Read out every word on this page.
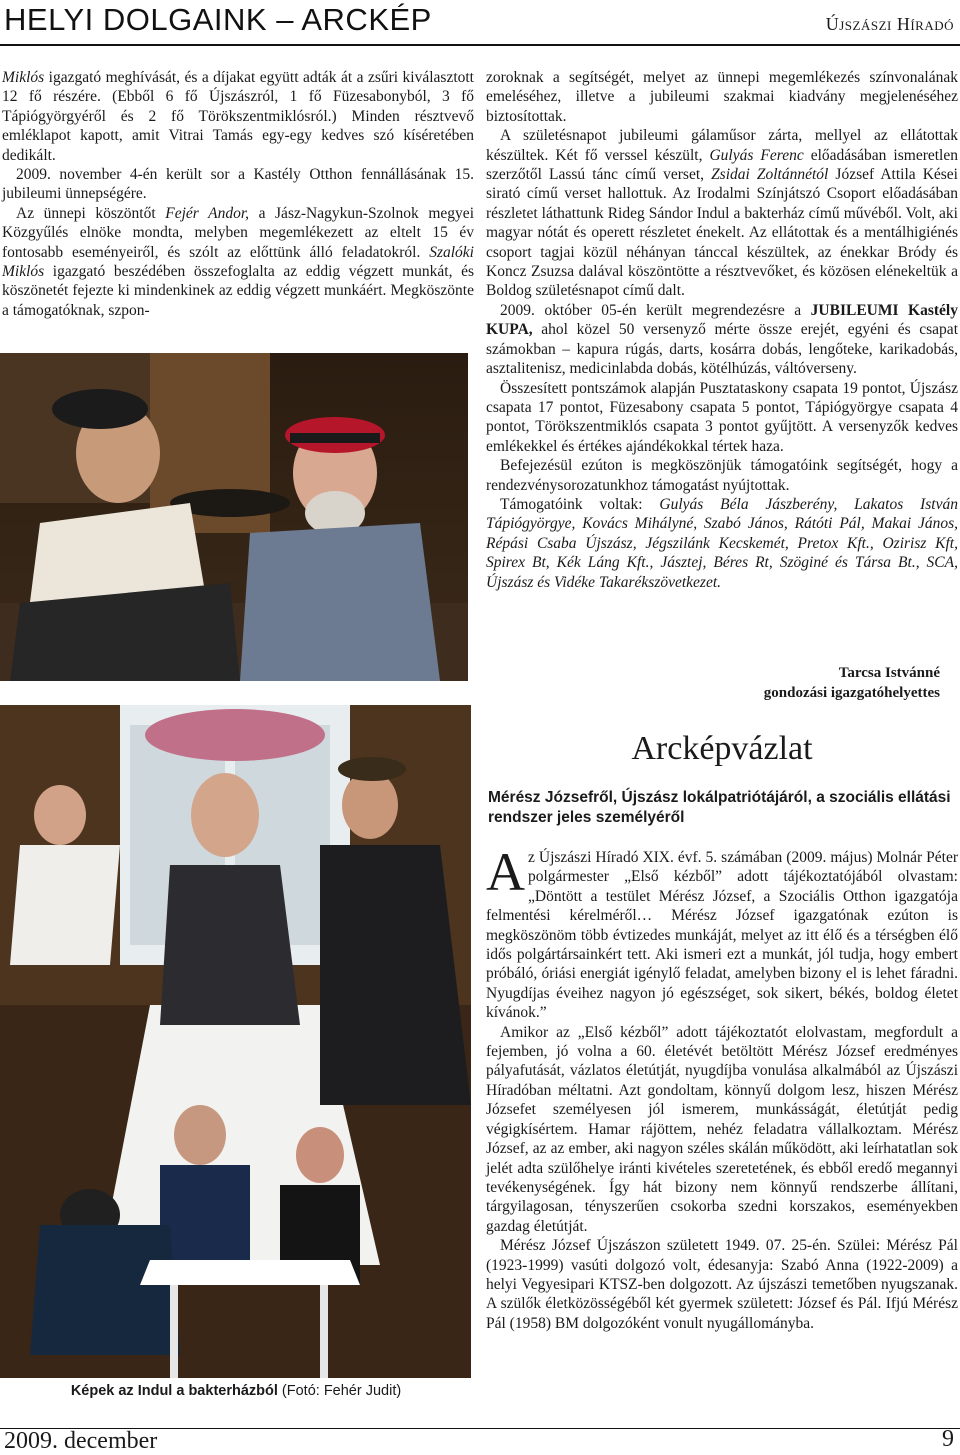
HELYI DOLGAINK – ARCKÉP	Újszászi Híradó

Miklós igazgató meghívását, és a díjakat együtt adták át a zsűri kiválasztott 12 fő részére. (Ebből 6 fő Újszászról, 1 fő Füzesabonyból, 3 fő Tápiógyörgyéről és 2 fő Törökszentmiklósról.) Minden résztvevő emléklapot kapott, amit Vitrai Tamás egy-egy kedves szó kíséretében dedikált.

2009. november 4-én került sor a Kastély Otthon fennállásának 15. jubileumi ünnepségére.

Az ünnepi köszöntőt Fejér Andor, a Jász-Nagykun-Szolnok megyei Közgyűlés elnöke mondta, melyben megemlékezett az eltelt 15 év fontosabb eseményeiről, és szólt az előttünk álló feladatokról. Szalóki Miklós igazgató beszédében összefoglalta az eddig végzett munkát, és köszönetét fejezte ki mindenkinek az eddig végzett munkáért. Megköszönte a támogatóknak, szpon-

Képek az Indul a bakterházból (Fotó: Fehér Judit)

zoroknak a segítségét, melyet az ünnepi megemlékezés színvonalának emeléséhez, illetve a jubileumi szakmai kiadvány megjelenéséhez biztosítottak.

A születésnapot jubileumi gálaműsor zárta, mellyel az ellátottak készültek. Két fő verssel készült, Gulyás Ferenc előadásában ismeretlen szerzőtől Lassú tánc című verset, Zsidai Zoltánnétól József Attila Kései sirató című verset hallottuk. Az Irodalmi Színjátszó Csoport előadásában részletet láthattunk Rideg Sándor Indul a bakterház című művéből. Volt, aki magyar nótát és operett részletet énekelt. Az ellátottak és a mentálhigiénés csoport tagjai közül néhányan tánccal készültek, az énekkar Bródy és Koncz Zsuzsa dalával köszöntötte a résztvevőket, és közösen elénekeltük a Boldog születésnapot című dalt.

2009. október 05-én került megrendezésre a JUBILEUMI Kastély KUPA, ahol közel 50 versenyző mérte össze erejét, egyéni és csapat számokban – kapura rúgás, darts, kosárra dobás, lengőteke, karikadobás, asztalitenisz, medicinlabda dobás, kötélhúzás, váltóverseny.

Összesített pontszámok alapján Pusztataskony csapata 19 pontot, Újszász csapata 17 pontot, Füzesabony csapata 5 pontot, Tápiógyörgye csapata 4 pontot, Törökszentmiklós csapata 3 pontot gyűjtött. A versenyzők kedves emlékekkel és értékes ajándékokkal tértek haza.

Befejezésül ezúton is megköszönjük támogatóink segítségét, hogy a rendezvénysorozatunkhoz támogatást nyújtottak.

Támogatóink voltak: Gulyás Béla Jászberény, Lakatos István Tápiógyörgye, Kovács Mihályné, Szabó János, Rátóti Pál, Makai János, Répási Csaba Újszász, Jégszilánk Kecskemét, Pretox Kft., Ozirisz Kft, Spirex Bt, Kék Láng Kft., Jásztej, Béres Rt, Szöginé és Társa Bt., SCA, Újszász és Vidéke Takarékszövetkezet.

Tarcsa Istvánné
gondozási igazgatóhelyettes
Arcképvázlat
Mérész Józsefről, Újszász lokálpatriótájáról, a szociális ellátási rendszer jeles személyéről

Az Újszászi Híradó XIX. évf. 5. számában (2009. május) Molnár Péter polgármester „Első kézből” adott tájékoztatójából olvastam: „Döntött a testület Mérész József, a Szociális Otthon igazgatója felmentési kérelméről… Mérész József igazgatónak ezúton is megköszönöm több évtizedes munkáját, melyet az itt élő és a térségben élő idős polgártársainkért tett. Aki ismeri ezt a munkát, jól tudja, hogy embert próbáló, óriási energiát igénylő feladat, amelyben bizony el is lehet fáradni. Nyugdíjas éveihez nagyon jó egészséget, sok sikert, békés, boldog életet kívánok.”

Amikor az „Első kézből” adott tájékoztatót elolvastam, megfordult a fejemben, jó volna a 60. életévét betöltött Mérész József eredményes pályafutását, vázlatos életútját, nyugdíjba vonulása alkalmából az Újszászi Híradóban méltatni. Azt gondoltam, könnyű dolgom lesz, hiszen Mérész Józsefet személyesen jól ismerem, munkásságát, életútját pedig végigkísértem. Hamar rájöttem, nehéz feladatra vállalkoztam. Mérész József, az az ember, aki nagyon széles skálán működött, aki leírhatatlan sok jelét adta szülőhelye iránti kivételes szeretetének, és ebből eredő megannyi tevékenységének. Így hát bizony nem könnyű rendszerbe állítani, tárgyilagosan, tényszerűen csokorba szedni korszakos, eseményekben gazdag életútját.

Mérész József Újszászon született 1949. 07. 25-én. Szülei: Mérész Pál (1923-1999) vasúti dolgozó volt, édesanyja: Szabó Anna (1922-2009) a helyi Vegyesipari KTSZ-ben dolgozott. Az újszászi temetőben nyugszanak. A szülők életközösségéből két gyermek született: József és Pál. Ifjú Mérész Pál (1958) BM dolgozóként vonult nyugállományba.

2009. december	9
